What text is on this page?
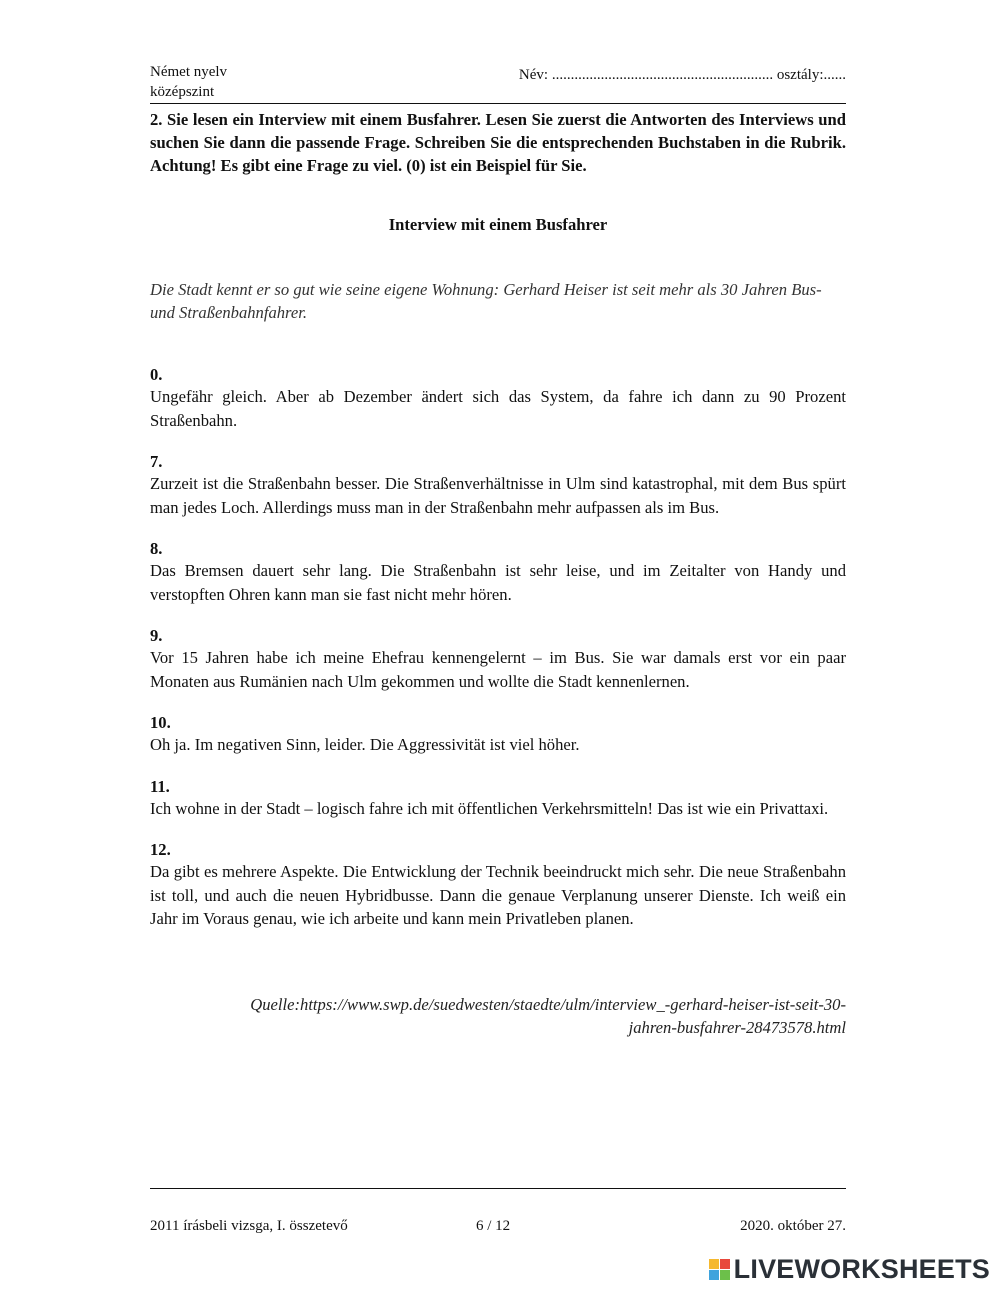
Német nyelv
középszint
Név: ........................................................... osztály:......
2. Sie lesen ein Interview mit einem Busfahrer. Lesen Sie zuerst die Antworten des Interviews und suchen Sie dann die passende Frage. Schreiben Sie die entsprechenden Buchstaben in die Rubrik. Achtung! Es gibt eine Frage zu viel. (0) ist ein Beispiel für Sie.
Interview mit einem Busfahrer
Die Stadt kennt er so gut wie seine eigene Wohnung: Gerhard Heiser ist seit mehr als 30 Jahren Bus- und Straßenbahnfahrer.
0.
Ungefähr gleich. Aber ab Dezember ändert sich das System, da fahre ich dann zu 90 Prozent Straßenbahn.
7.
Zurzeit ist die Straßenbahn besser. Die Straßenverhältnisse in Ulm sind katastrophal, mit dem Bus spürt man jedes Loch. Allerdings muss man in der Straßenbahn mehr aufpassen als im Bus.
8.
Das Bremsen dauert sehr lang. Die Straßenbahn ist sehr leise, und im Zeitalter von Handy und verstopften Ohren kann man sie fast nicht mehr hören.
9.
Vor 15 Jahren habe ich meine Ehefrau kennengelernt – im Bus. Sie war damals erst vor ein paar Monaten aus Rumänien nach Ulm gekommen und wollte die Stadt kennenlernen.
10.
Oh ja. Im negativen Sinn, leider. Die Aggressivität ist viel höher.
11.
Ich wohne in der Stadt – logisch fahre ich mit öffentlichen Verkehrsmitteln! Das ist wie ein Privattaxi.
12.
Da gibt es mehrere Aspekte. Die Entwicklung der Technik beeindruckt mich sehr. Die neue Straßenbahn ist toll, und auch die neuen Hybridbusse. Dann die genaue Verplanung unserer Dienste. Ich weiß ein Jahr im Voraus genau, wie ich arbeite und kann mein Privatleben planen.
Quelle:https://www.swp.de/suedwesten/staedte/ulm/interview_-gerhard-heiser-ist-seit-30-
jahren-busfahrer-28473578.html
2011 írásbeli vizsga, I. összetevő	6 / 12	2020. október 27.
LIVEWORKSHEETS
